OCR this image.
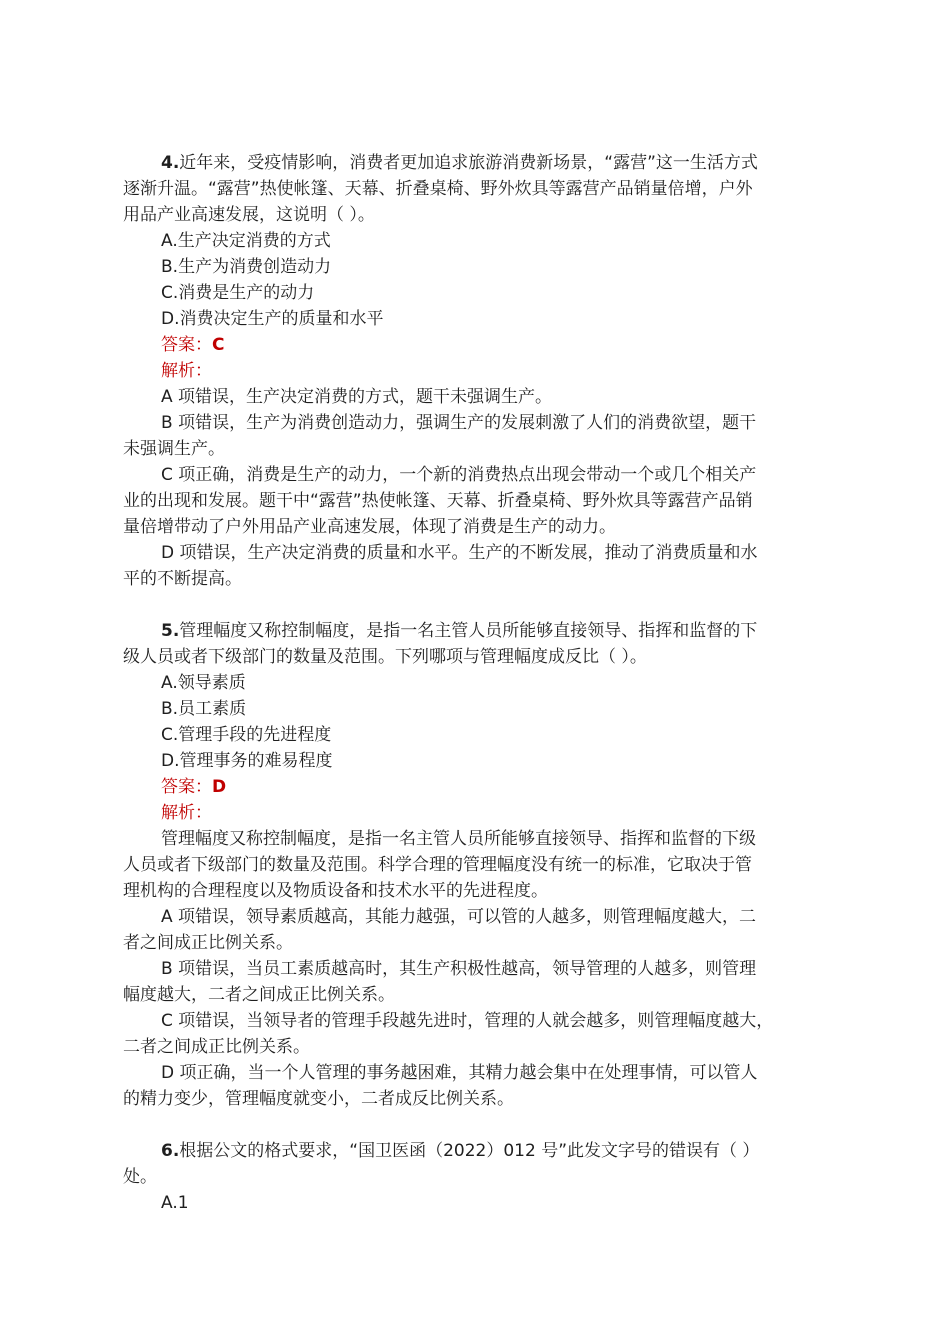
4.近年来，受疫情影响，消费者更加追求旅游消费新场景，“露营”这一生活方式

逐渐升温。“露营”热使帐篷、天幕、折叠桌椅、野外炊具等露营产品销量倍增，户外

用品产业高速发展，这说明（ ）。

A.生产决定消费的方式

B.生产为消费创造动力

C.消费是生产的动力

D.消费决定生产的质量和水平

答案：C

解析：

A 项错误，生产决定消费的方式，题干未强调生产。

B 项错误，生产为消费创造动力，强调生产的发展刺激了人们的消费欲望，题干

未强调生产。

C 项正确，消费是生产的动力，一个新的消费热点出现会带动一个或几个相关产

业的出现和发展。题干中“露营”热使帐篷、天幕、折叠桌椅、野外炊具等露营产品销

量倍增带动了户外用品产业高速发展，体现了消费是生产的动力。

D 项错误，生产决定消费的质量和水平。生产的不断发展，推动了消费质量和水

平的不断提高。

5.管理幅度又称控制幅度，是指一名主管人员所能够直接领导、指挥和监督的下

级人员或者下级部门的数量及范围。下列哪项与管理幅度成反比（ ）。

A.领导素质

B.员工素质

C.管理手段的先进程度

D.管理事务的难易程度

答案：D

解析：

管理幅度又称控制幅度，是指一名主管人员所能够直接领导、指挥和监督的下级

人员或者下级部门的数量及范围。科学合理的管理幅度没有统一的标准，它取决于管

理机构的合理程度以及物质设备和技术水平的先进程度。

A 项错误，领导素质越高，其能力越强，可以管的人越多，则管理幅度越大，二

者之间成正比例关系。

B 项错误，当员工素质越高时，其生产积极性越高，领导管理的人越多，则管理

幅度越大，二者之间成正比例关系。

C 项错误，当领导者的管理手段越先进时，管理的人就会越多，则管理幅度越大，

二者之间成正比例关系。

D 项正确，当一个人管理的事务越困难，其精力越会集中在处理事情，可以管人

的精力变少，管理幅度就变小，二者成反比例关系。

6.根据公文的格式要求，“国卫医函（2022）012 号”此发文字号的错误有（ ）

处。

A.1
